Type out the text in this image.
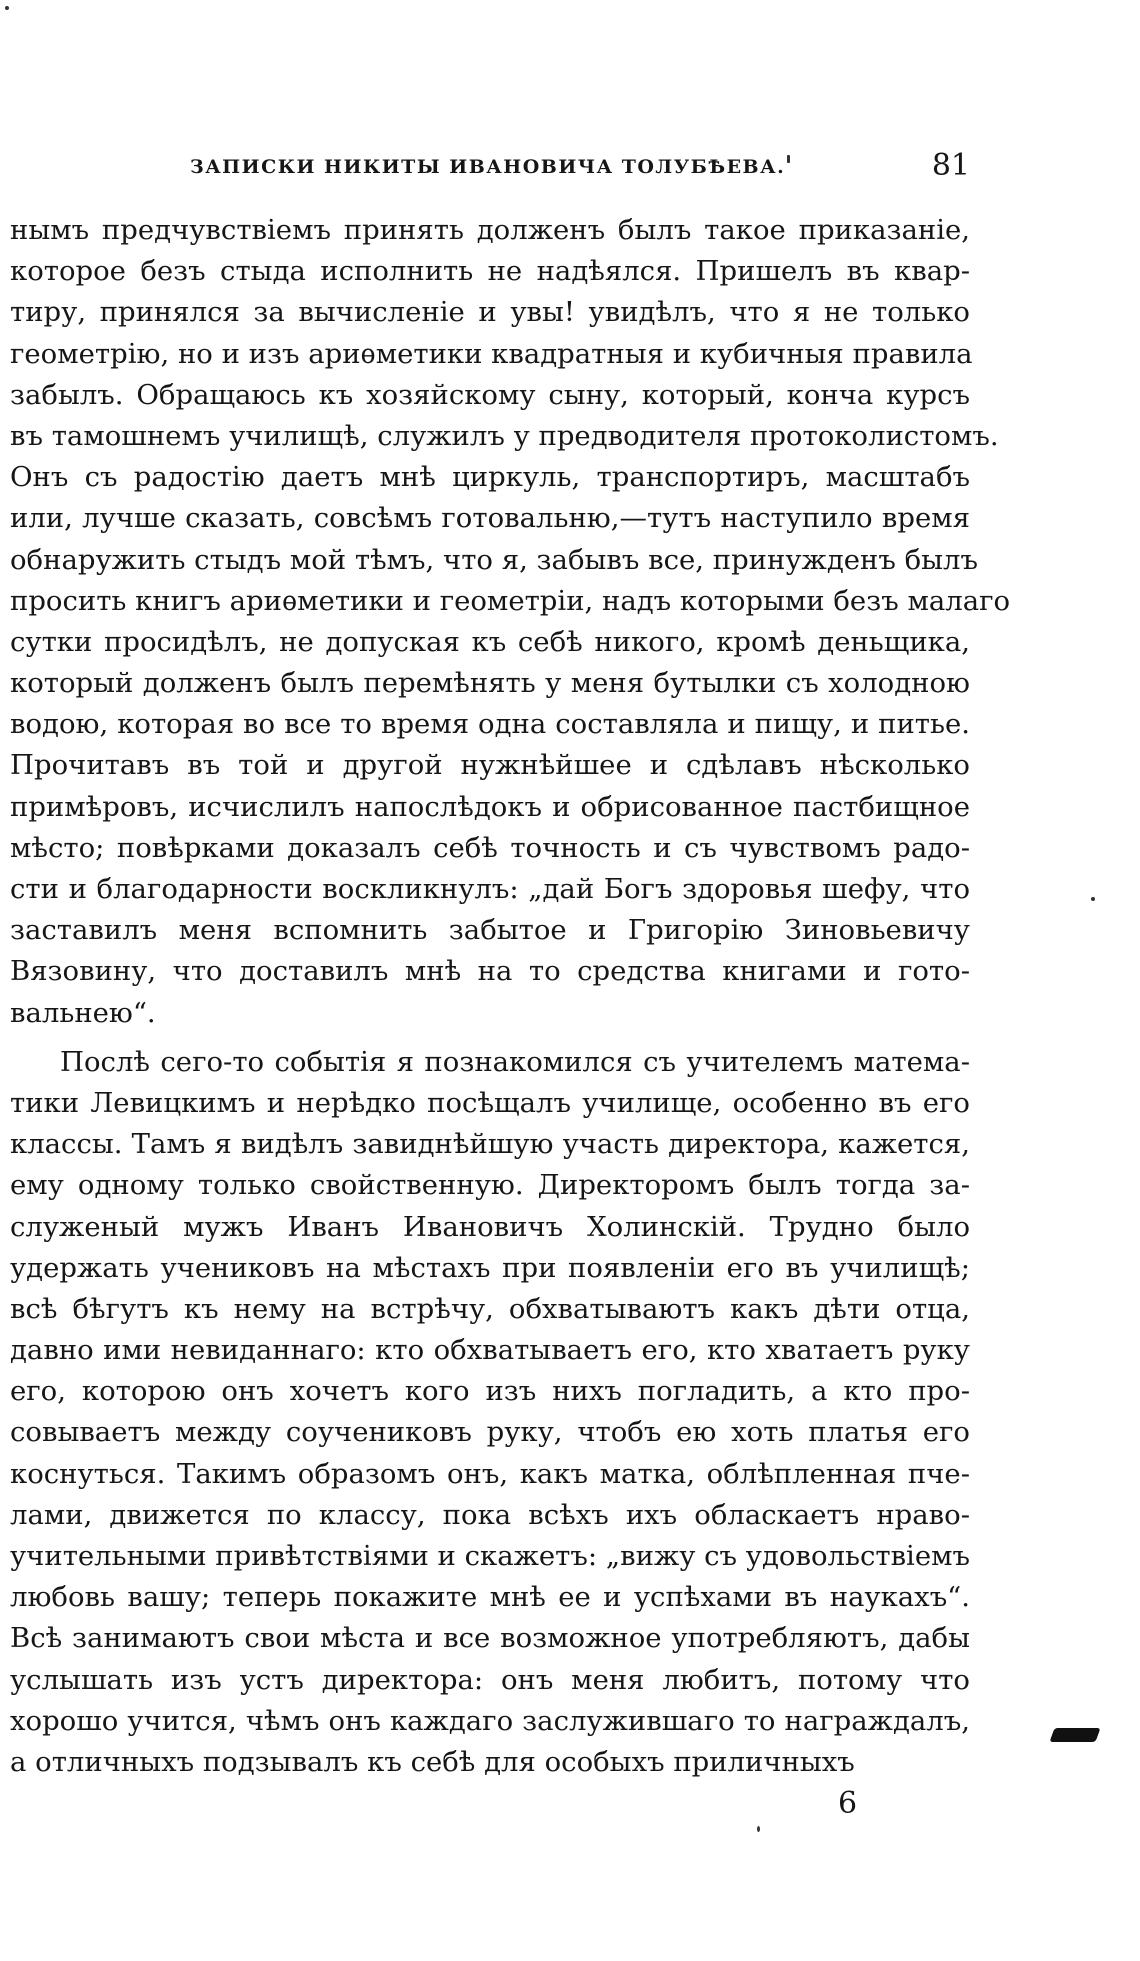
ЗАПИСКИ НИКИТЫ ИВАНОВИЧА ТОЛУБѢЕВА.	81
нымъ предчувствіемъ принять долженъ былъ такое приказаніе,
которое безъ стыда исполнить не надѣялся. Пришелъ въ квар-
тиру, принялся за вычисленіе и увы! увидѣлъ, что я не только
геометрію, но и изъ ариѳметики квадратныя и кубичныя правила
забылъ. Обращаюсь къ хозяйскому сыну, который, конча курсъ
въ тамошнемъ училищѣ, служилъ у предводителя протоколистомъ.
Онъ съ радостію даетъ мнѣ циркуль, транспортиръ, масштабъ
или, лучше сказать, совсѣмъ готовальню,—тутъ наступило время
обнаружить стыдъ мой тѣмъ, что я, забывъ все, принужденъ былъ
просить книгъ ариѳметики и геометріи, надъ которыми безъ малаго
сутки просидѣлъ, не допуская къ себѣ никого, кромѣ деньщика,
который долженъ былъ перемѣнять у меня бутылки съ холодною
водою, которая во все то время одна составляла и пищу, и питье.
Прочитавъ въ той и другой нужнѣйшее и сдѣлавъ нѣсколько
примѣровъ, исчислилъ напослѣдокъ и обрисованное пастбищное
мѣсто; повѣрками доказалъ себѣ точность и съ чувствомъ радо-
сти и благодарности воскликнулъ: „дай Богъ здоровья шефу, что
заставилъ меня вспомнить забытое и Григорію Зиновьевичу
Вязовину, что доставилъ мнѣ на то средства книгами и гото-
вальнею“.
Послѣ сего-то событія я познакомился съ учителемъ матема-
тики Левицкимъ и нерѣдко посѣщалъ училище, особенно въ его
классы. Тамъ я видѣлъ завиднѣйшую участь директора, кажется,
ему одному только свойственную. Директоромъ былъ тогда за-
служеный мужъ Иванъ Ивановичъ Холинскій. Трудно было
удержать учениковъ на мѣстахъ при появленіи его въ училищѣ;
всѣ бѣгутъ къ нему на встрѣчу, обхватываютъ какъ дѣти отца,
давно ими невиданнаго: кто обхватываетъ его, кто хватаетъ руку
его, которою онъ хочетъ кого изъ нихъ погладить, а кто про-
совываетъ между соучениковъ руку, чтобъ ею хоть платья его
коснуться. Такимъ образомъ онъ, какъ матка, облѣпленная пче-
лами, движется по классу, пока всѣхъ ихъ обласкаетъ нраво-
учительными привѣтствіями и скажетъ: „вижу съ удовольствіемъ
любовь вашу; теперь покажите мнѣ ее и успѣхами въ наукахъ“.
Всѣ занимаютъ свои мѣста и все возможное употребляютъ, дабы
услышать изъ устъ директора: онъ меня любитъ, потому что
хорошо учится, чѣмъ онъ каждаго заслужившаго то награждалъ,
а отличныхъ подзывалъ къ себѣ для особыхъ приличныхъ
6
